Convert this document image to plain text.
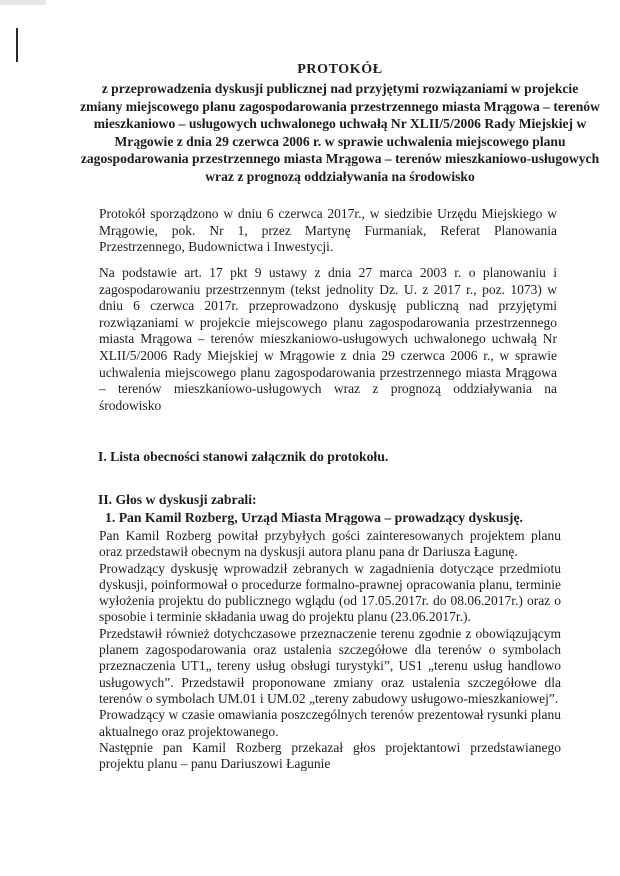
PROTOKÓŁ
z przeprowadzenia dyskusji publicznej nad przyjętymi rozwiązaniami w projekcie zmiany miejscowego planu zagospodarowania przestrzennego miasta Mrągowa – terenów mieszkaniowo – usługowych uchwalonego uchwałą Nr XLII/5/2006 Rady Miejskiej w Mrągowie z dnia 29 czerwca 2006 r. w sprawie uchwalenia miejscowego planu zagospodarowania przestrzennego miasta Mrągowa – terenów mieszkaniowo-usługowych wraz z prognozą oddziaływania na środowisko
Protokół sporządzono w dniu 6 czerwca 2017r., w siedzibie Urzędu Miejskiego w Mrągowie, pok. Nr 1, przez Martynę Furmaniak, Referat Planowania Przestrzennego, Budownictwa i Inwestycji.
Na podstawie art. 17 pkt 9 ustawy z dnia 27 marca 2003 r. o planowaniu i zagospodarowaniu przestrzennym (tekst jednolity Dz. U. z 2017 r., poz. 1073) w dniu 6 czerwca 2017r. przeprowadzono dyskusję publiczną nad przyjętymi rozwiązaniami w projekcie miejscowego planu zagospodarowania przestrzennego miasta Mrągowa – terenów mieszkaniowo-usługowych uchwalonego uchwałą Nr XLII/5/2006 Rady Miejskiej w Mrągowie z dnia 29 czerwca 2006 r., w sprawie uchwalenia miejscowego planu zagospodarowania przestrzennego miasta Mrągowa – terenów mieszkaniowo-usługowych wraz z prognozą oddziaływania na środowisko
I. Lista obecności stanowi załącznik do protokołu.
II. Głos w dyskusji zabrali:
1. Pan Kamil Rozberg, Urząd Miasta Mrągowa – prowadzący dyskusję.

Pan Kamil Rozberg powitał przybyłych gości zainteresowanych projektem planu oraz przedstawił obecnym na dyskusji autora planu pana dr Dariusza Łagunę.

Prowadzący dyskusję wprowadził zebranych w zagadnienia dotyczące przedmiotu dyskusji, poinformował o procedurze formalno-prawnej opracowania planu, terminie wyłożenia projektu do publicznego wglądu (od 17.05.2017r. do 08.06.2017r.) oraz o sposobie i terminie składania uwag do projektu planu (23.06.2017r.).

Przedstawił również dotychczasowe przeznaczenie terenu zgodnie z obowiązującym planem zagospodarowania oraz ustalenia szczegółowe dla terenów o symbolach przeznaczenia UT1„ tereny usług obsługi turystyki”, US1 „terenu usług handlowo usługowych”. Przedstawił proponowane zmiany oraz ustalenia szczegółowe dla terenów o symbolach UM.01 i UM.02 „tereny zabudowy usługowo-mieszkaniowej”.

Prowadzący w czasie omawiania poszczególnych terenów prezentował rysunki planu aktualnego oraz projektowanego.

Następnie pan Kamil Rozberg przekazał głos projektantowi przedstawianego projektu planu – panu Dariuszowi Łagunie
